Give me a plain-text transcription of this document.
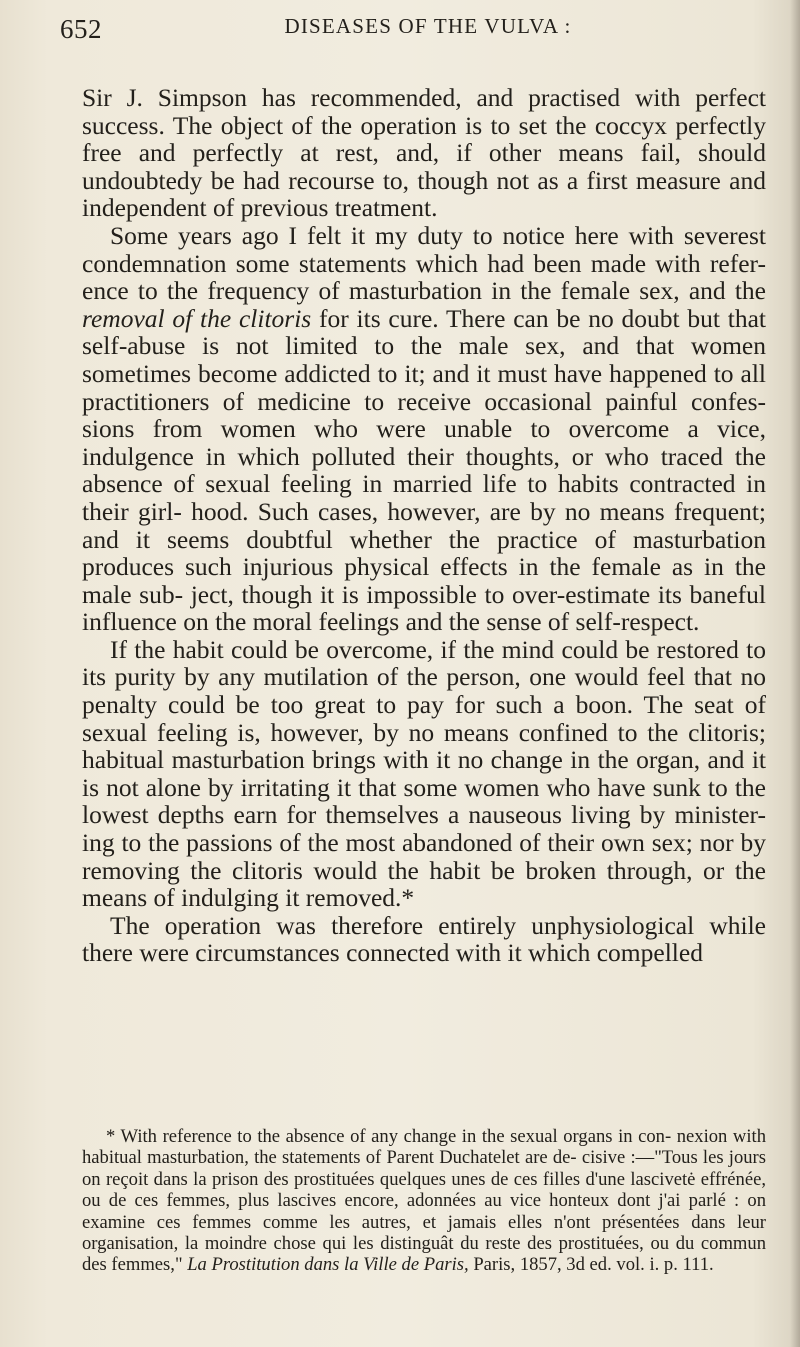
652	DISEASES OF THE VULVA :

Sir J. Simpson has recommended, and practised with perfect success. The object of the operation is to set the coccyx perfectly free and perfectly at rest, and, if other means fail, should undoubtedy be had recourse to, though not as a first measure and independent of previous treatment.

Some years ago I felt it my duty to notice here with severest condemnation some statements which had been made with refer- ence to the frequency of masturbation in the female sex, and the removal of the clitoris for its cure. There can be no doubt but that self-abuse is not limited to the male sex, and that women sometimes become addicted to it; and it must have happened to all practitioners of medicine to receive occasional painful confes- sions from women who were unable to overcome a vice, indulgence in which polluted their thoughts, or who traced the absence of sexual feeling in married life to habits contracted in their girl- hood. Such cases, however, are by no means frequent; and it seems doubtful whether the practice of masturbation produces such injurious physical effects in the female as in the male sub- ject, though it is impossible to over-estimate its baneful influence on the moral feelings and the sense of self-respect.

If the habit could be overcome, if the mind could be restored to its purity by any mutilation of the person, one would feel that no penalty could be too great to pay for such a boon. The seat of sexual feeling is, however, by no means confined to the clitoris; habitual masturbation brings with it no change in the organ, and it is not alone by irritating it that some women who have sunk to the lowest depths earn for themselves a nauseous living by minister- ing to the passions of the most abandoned of their own sex; nor by removing the clitoris would the habit be broken through, or the means of indulging it removed.*

The operation was therefore entirely unphysiological while there were circumstances connected with it which compelled

* With reference to the absence of any change in the sexual organs in con- nexion with habitual masturbation, the statements of Parent Duchatelet are de- cisive :—"Tous les jours on reçoit dans la prison des prostituées quelques unes de ces filles d'une lascivetė effrénée, ou de ces femmes, plus lascives encore, adonnées au vice honteux dont j'ai parlé : on examine ces femmes comme les autres, et jamais elles n'ont présentées dans leur organisation, la moindre chose qui les distinguât du reste des prostituées, ou du commun des femmes," La Prostitution dans la Ville de Paris, Paris, 1857, 3d ed. vol. i. p. 111.
